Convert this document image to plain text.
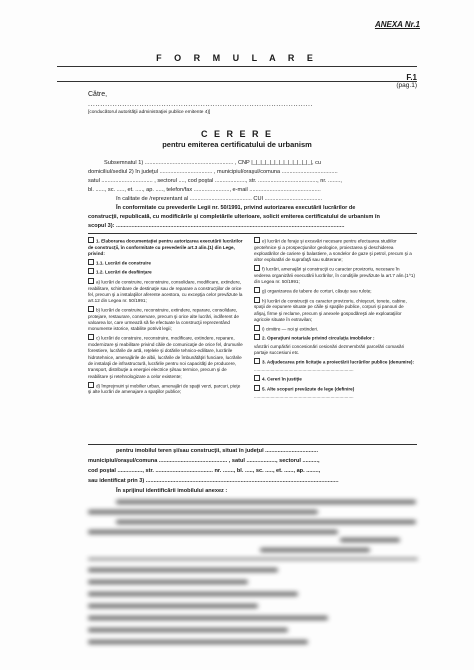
ANEXA Nr.1
F O R M U L A R E
F.1
(pag.1)
Către,
............................................................................................
[conducătorul autorităţii administraţiei publice emitente 4)]
C E R E R E
pentru emiterea certificatului de urbanism
Subsemnatul 1) ......................................................... , CNP |_|_|_|_|_|_|_|_|_|_|_|_|_|, cu
domiciliul/sediul 2) în judeţul .................................. , municipiul/oraşul/comuna ....................................
satul ................................. , sectorul ...., cod poştal ...................., str. ......................................, nr. ........,
bl. ......, sc. ....., et. ....., ap. ....., telefon/fax ......................., e-mail ..............................................
în calitate de /reprezentant al ........................................ CUI .....................................
În conformitate cu prevederile Legii nr. 50/1991, privind autorizarea executării lucrărilor de
construcţii, republicată, cu modificările şi completările ulterioare, solicit emiterea certificatului de urbanism în
scopul 3): ...................................................................................................................................................

1. Elaborarea documentaţiei pentru autorizarea executării lucrărilor de construcţii, în conformitate cu prevederile art.3 alin.(1) din Lege, privind:

1.1. Lucrări de construire

1.2. Lucrări de desfiinţare

a) lucrări de construire, reconstruire, consolidare, modificare, extindere, reabilitare, schimbare de destinaţie sau de reparare a construcţiilor de orice fel, precum şi a instalaţiilor aferente acestora, cu excepţia celor prevăzute la art.12 din Legea nr. 50/1991;

b) lucrări de construire, reconstruire, extindere, reparare, consolidare, protejare, restaurare, conservare, precum şi orice alte lucrări, indiferent de valoarea lor, care urmează să fie efectuate la construcţii reprezentând monumente istorice, stabilite potrivit legii;

c) lucrări de construire, reconstruire, modificare, extindere, reparare, modernizare şi reabilitare privind căile de comunicaţie de orice fel, drumurile forestiere, lucrările de artă, reţelele şi dotările tehnico-edilitare, lucrările hidrotehnice, amenajările de albii, lucrările de îmbunătăţiri funciare, lucrările de instalaţii de infrastructură, lucrările pentru noi capacităţi de producere, transport, distribuţie a energiei electrice şi/sau termice, precum şi de reabilitare şi retehnologizare a celor existente;

d) împrejmuiri şi mobilier urban, amenajări de spaţii verzi, parcuri, pieţe şi alte lucrări de amenajare a spaţiilor publice;

e) lucrări de foraje şi excavări necesare pentru efectuarea studiilor geotehnice şi a prospecţiunilor geologice, proiectarea şi deschiderea exploatărilor de cariere şi balastiere, a sondelor de gaze şi petrol, precum şi a altor exploatări de suprafaţă sau subterane;

f) lucrări, amenajări şi construcţii cu caracter provizoriu, necesare în vederea organizării executării lucrărilor, în condiţiile prevăzute la art.7 alin.(1^1) din Legea nr. 50/1991;

g) organizarea de tabere de corturi, căsuţe sau rulote;

h) lucrări de construcţii cu caracter provizoriu, chioşcuri, tonete, cabine, spaţii de expunere situate pe căile şi spaţiile publice, corpuri şi panouri de afişaj, firme şi reclame, precum şi anexele gospodăreşti ale exploataţiilor agricole situate în extravilan;

i) cimitire — noi şi extinderi.

2. Operaţiuni notariale privind circulaţia imobilelor :

vânzări cumpărări concesionări cesionări dezmembrări parcelări comasări partaje succesiuni etc.

3. Adjudecarea prin licitaţie a proiectării lucrărilor publice (denumire):

..............................................................................

4. Cereri în justiţie

5. Alte scopuri prevăzute de lege (definire)

..............................................................................

pentru imobilul teren şi/sau construcţii, situat în judeţul ..................................
municipiul/oraşul/comuna ............................................ , satul ..................., sectorul ..........,
cod poştal ................, str. ..................................... nr. ......., bl. ....., sc. ....., et. ......, ap. ........,
sau identificat prin 3) ............................................................................................................................
În sprijinul identificării imobilului anexez :
